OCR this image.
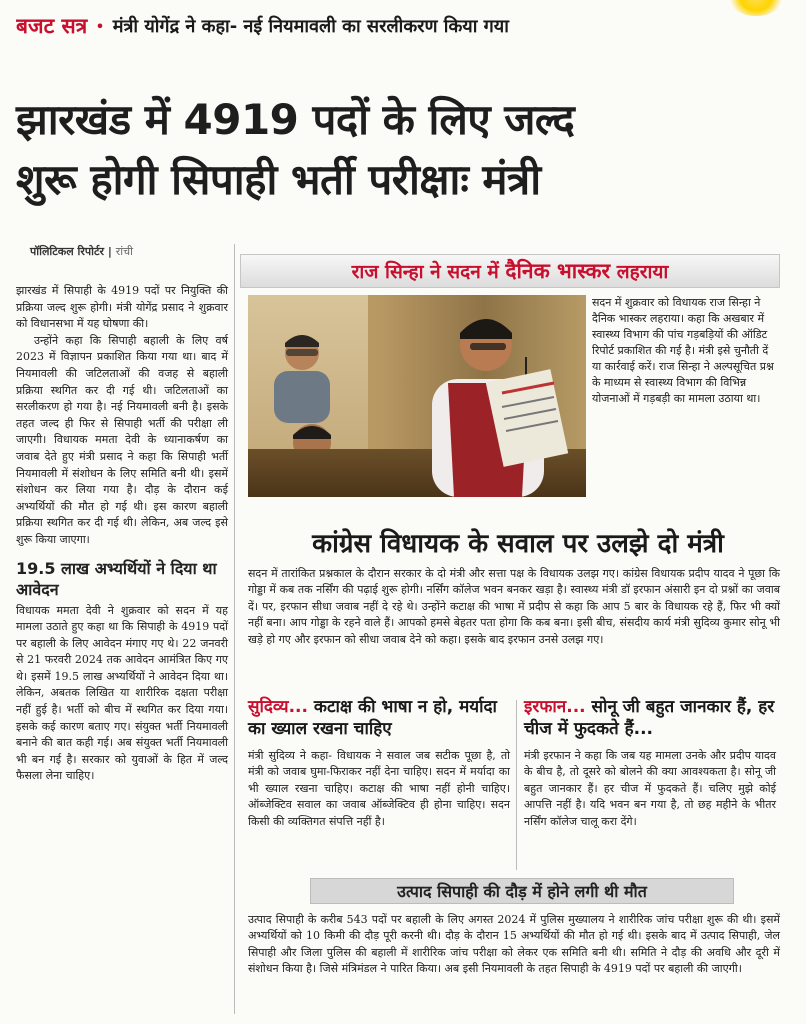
बजट सत्र • मंत्री योगेंद्र ने कहा- नई नियमावली का सरलीकरण किया गया
झारखंड में 4919 पदों के लिए जल्द
शुरू होगी सिपाही भर्ती परीक्षाः मंत्री
पॉलिटिकल रिपोर्टर | रांची

झारखंड में सिपाही के 4919 पदों पर नियुक्ति की प्रक्रिया जल्द शुरू होगी। मंत्री योगेंद्र प्रसाद ने शुक्रवार को विधानसभा में यह घोषणा की।

उन्होंने कहा कि सिपाही बहाली के लिए वर्ष 2023 में विज्ञापन प्रकाशित किया गया था। बाद में नियमावली की जटिलताओं की वजह से बहाली प्रक्रिया स्थगित कर दी गई थी। जटिलताओं का सरलीकरण हो गया है। नई नियमावली बनी है। इसके तहत जल्द ही फिर से सिपाही भर्ती की परीक्षा ली जाएगी। विधायक ममता देवी के ध्यानाकर्षण का जवाब देते हुए मंत्री प्रसाद ने कहा कि सिपाही भर्ती नियमावली में संशोधन के लिए समिति बनी थी। इसमें संशोधन कर लिया गया है। दौड़ के दौरान कई अभ्यर्थियों की मौत हो गई थी। इस कारण बहाली प्रक्रिया स्थगित कर दी गई थी। लेकिन, अब जल्द इसे शुरू किया जाएगा।

19.5 लाख अभ्यर्थियों ने दिया था आवेदन

विधायक ममता देवी ने शुक्रवार को सदन में यह मामला उठाते हुए कहा था कि सिपाही के 4919 पदों पर बहाली के लिए आवेदन मंगाए गए थे। 22 जनवरी से 21 फरवरी 2024 तक आवेदन आमंत्रित किए गए थे। इसमें 19.5 लाख अभ्यर्थियों ने आवेदन दिया था। लेकिन, अबतक लिखित या शारीरिक दक्षता परीक्षा नहीं हुई है। भर्ती को बीच में स्थगित कर दिया गया। इसके कई कारण बताए गए। संयुक्त भर्ती नियमावली बनाने की बात कही गई। अब संयुक्त भर्ती नियमावली भी बन गई है। सरकार को युवाओं के हित में जल्द फैसला लेना चाहिए।

राज सिन्हा ने सदन में
दैनिक भास्कर
लहराया
सदन में शुक्रवार को विधायक राज सिन्हा ने दैनिक भास्कर लहराया। कहा कि अखबार में स्वास्थ्य विभाग की पांच गड़बड़ियों की ऑडिट रिपोर्ट प्रकाशित की गई है। मंत्री इसे चुनौती दें या कार्रवाई करें। राज सिन्हा ने अल्पसूचित प्रश्न के माध्यम से स्वास्थ्य विभाग की विभिन्न योजनाओं में गड़बड़ी का मामला उठाया था।
कांग्रेस विधायक के सवाल पर उलझे दो मंत्री

सदन में तारांकित प्रश्नकाल के दौरान सरकार के दो मंत्री और सत्ता पक्ष के विधायक उलझ गए। कांग्रेस विधायक प्रदीप यादव ने पूछा कि गोड्डा में कब तक नर्सिंग की पढ़ाई शुरू होगी। नर्सिंग कॉलेज भवन बनकर खड़ा है। स्वास्थ्य मंत्री डॉ इरफान अंसारी इन दो प्रश्नों का जवाब दें। पर, इरफान सीधा जवाब नहीं दे रहे थे। उन्होंने कटाक्ष की भाषा में प्रदीप से कहा कि आप 5 बार के विधायक रहे हैं, फिर भी क्यों नहीं बना। आप गोड्डा के रहने वाले हैं। आपको हमसे बेहतर पता होगा कि कब बना। इसी बीच, संसदीय कार्य मंत्री सुदिव्य कुमार सोनू भी खड़े हो गए और इरफान को सीधा जवाब देने को कहा। इसके बाद इरफान उनसे उलझ गए।

सुदिव्य... कटाक्ष की भाषा न हो, मर्यादा का ख्याल रखना चाहिए
इरफान... सोनू जी बहुत जानकार हैं, हर चीज में फुदकते हैं...

मंत्री सुदिव्य ने कहा- विधायक ने सवाल जब सटीक पूछा है, तो मंत्री को जवाब घुमा-फिराकर नहीं देना चाहिए। सदन में मर्यादा का भी ख्याल रखना चाहिए। कटाक्ष की भाषा नहीं होनी चाहिए। ऑब्जेक्टिव सवाल का जवाब ऑब्जेक्टिव ही होना चाहिए। सदन किसी की व्यक्तिगत संपत्ति नहीं है।

मंत्री इरफान ने कहा कि जब यह मामला उनके और प्रदीप यादव के बीच है, तो दूसरे को बोलने की क्या आवश्यकता है। सोनू जी बहुत जानकार हैं। हर चीज में फुदकते हैं। चलिए मुझे कोई आपत्ति नहीं है। यदि भवन बन गया है, तो छह महीने के भीतर नर्सिंग कॉलेज चालू करा देंगे।

उत्पाद सिपाही की दौड़ में होने लगी थी मौत

उत्पाद सिपाही के करीब 543 पदों पर बहाली के लिए अगस्त 2024 में पुलिस मुख्यालय ने शारीरिक जांच परीक्षा शुरू की थी। इसमें अभ्यर्थियों को 10 किमी की दौड़ पूरी करनी थी। दौड़ के दौरान 15 अभ्यर्थियों की मौत हो गई थी। इसके बाद में उत्पाद सिपाही, जेल सिपाही और जिला पुलिस की बहाली में शारीरिक जांच परीक्षा को लेकर एक समिति बनी थी। समिति ने दौड़ की अवधि और दूरी में संशोधन किया है। जिसे मंत्रिमंडल ने पारित किया। अब इसी नियमावली के तहत सिपाही के 4919 पदों पर बहाली की जाएगी।
